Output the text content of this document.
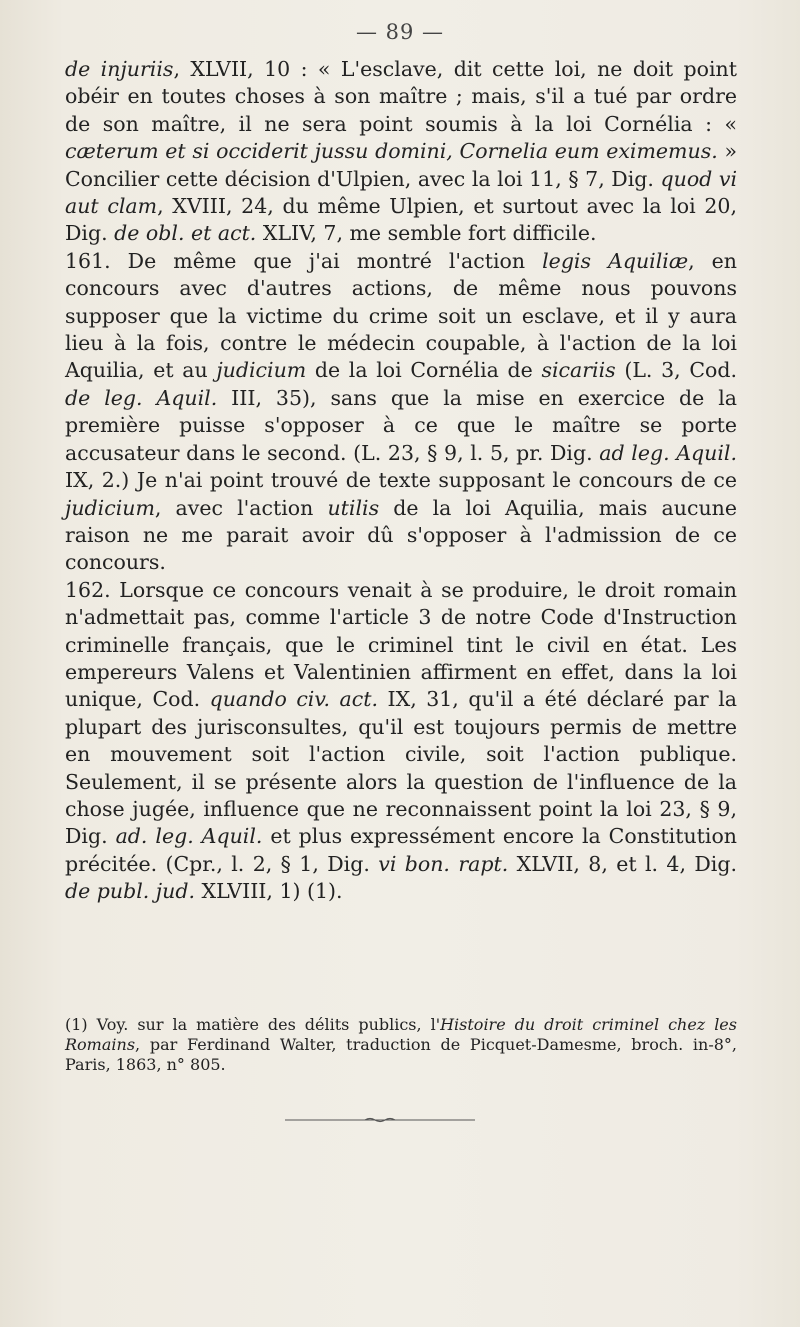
— 89 —

de injuriis, XLVII, 10 : « L'esclave, dit cette loi, ne doit point obéir en toutes choses à son maître ; mais, s'il a tué par ordre de son maître, il ne sera point soumis à la loi Cornélia : « cæterum et si occiderit jussu domini, Cornelia eum eximemus. » Concilier cette décision d'Ulpien, avec la loi 11, § 7, Dig. quod vi aut clam, XVIII, 24, du même Ulpien, et surtout avec la loi 20, Dig. de obl. et act. XLIV, 7, me semble fort difficile.

161. De même que j'ai montré l'action legis Aquiliæ, en concours avec d'autres actions, de même nous pouvons supposer que la victime du crime soit un esclave, et il y aura lieu à la fois, contre le médecin coupable, à l'action de la loi Aquilia, et au judicium de la loi Cornélia de sicariis (L. 3, Cod. de leg. Aquil. III, 35), sans que la mise en exercice de la première puisse s'opposer à ce que le maître se porte accusateur dans le second. (L. 23, § 9, l. 5, pr. Dig. ad leg. Aquil. IX, 2.) Je n'ai point trouvé de texte supposant le concours de ce judicium, avec l'action utilis de la loi Aquilia, mais aucune raison ne me parait avoir dû s'opposer à l'admission de ce concours.

162. Lorsque ce concours venait à se produire, le droit romain n'admettait pas, comme l'article 3 de notre Code d'Instruction criminelle français, que le criminel tint le civil en état. Les empereurs Valens et Valentinien affirment en effet, dans la loi unique, Cod. quando civ. act. IX, 31, qu'il a été déclaré par la plupart des jurisconsultes, qu'il est toujours permis de mettre en mouvement soit l'action civile, soit l'action publique. Seulement, il se présente alors la question de l'influence de la chose jugée, influence que ne reconnaissent point la loi 23, § 9, Dig. ad. leg. Aquil. et plus expressément encore la Constitution précitée. (Cpr., l. 2, § 1, Dig. vi bon. rapt. XLVII, 8, et l. 4, Dig. de publ. jud. XLVIII, 1) (1).

(1) Voy. sur la matière des délits publics, l'Histoire du droit criminel chez les Romains, par Ferdinand Walter, traduction de Picquet-Damesme, broch. in-8°, Paris, 1863, n° 805.
